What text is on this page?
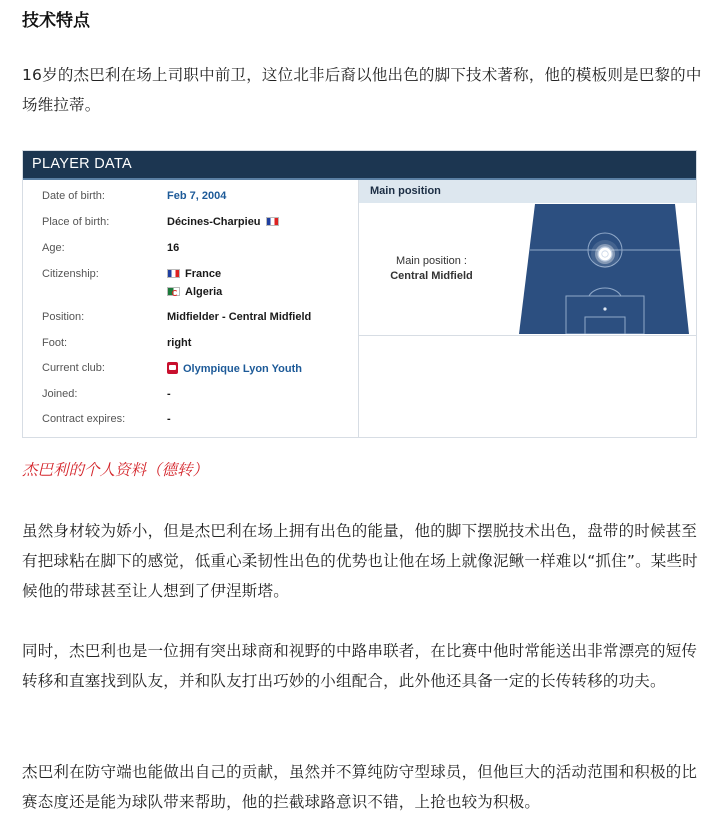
技术特点

16岁的杰巴利在场上司职中前卫，这位北非后裔以他出色的脚下技术著称，他的模板则是巴黎的中场维拉蒂。

PLAYER DATA
Date of birth:	Feb 7, 2004
Place of birth:	Décines-Charpieu
Age:	16
Citizenship:	France
Algeria
Position:	Midfielder - Central Midfield
Foot:	right
Current club:	Olympique Lyon Youth
Joined:	-
Contract expires:	-
Main position
Main position :
Central Midfield
杰巴利的个人资料（德转）

虽然身材较为娇小，但是杰巴利在场上拥有出色的能量，他的脚下摆脱技术出色，盘带的时候甚至有把球粘在脚下的感觉，低重心柔韧性出色的优势也让他在场上就像泥鳅一样难以“抓住”。某些时候他的带球甚至让人想到了伊涅斯塔。

同时，杰巴利也是一位拥有突出球商和视野的中路串联者，在比赛中他时常能送出非常漂亮的短传转移和直塞找到队友，并和队友打出巧妙的小组配合，此外他还具备一定的长传转移的功夫。

杰巴利在防守端也能做出自己的贡献，虽然并不算纯防守型球员，但他巨大的活动范围和积极的比赛态度还是能为球队带来帮助，他的拦截球路意识不错，上抢也较为积极。
